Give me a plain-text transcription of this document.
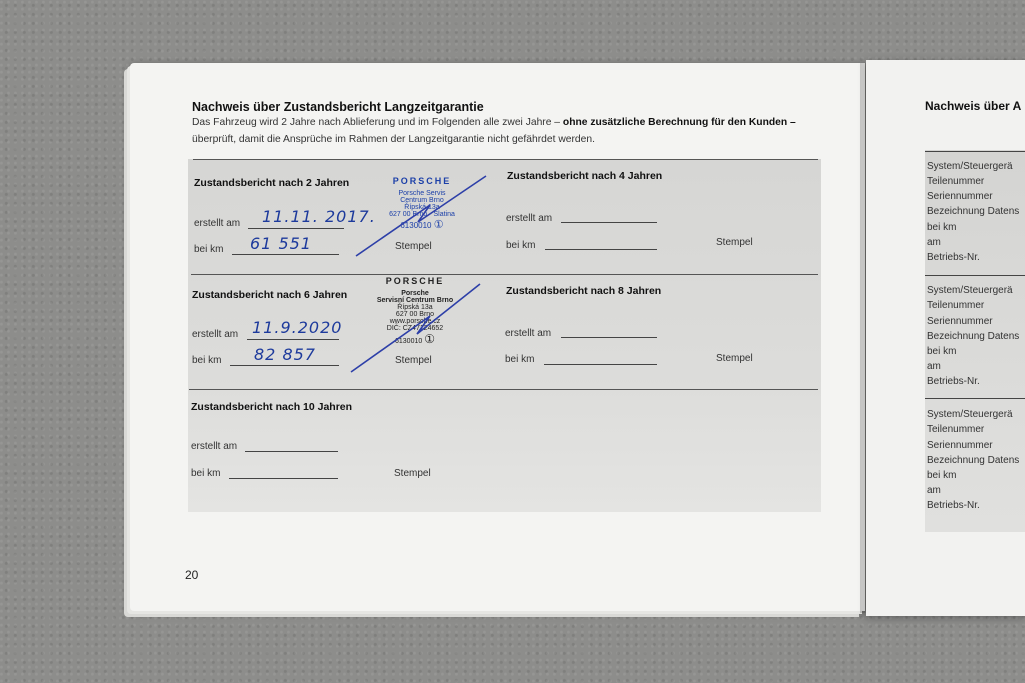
Nachweis über Zustandsbericht Langzeitgarantie
Das Fahrzeug wird 2 Jahre nach Ablieferung und im Folgenden alle zwei Jahre – ohne zusätzliche Berechnung für den Kunden –
überprüft, damit die Ansprüche im Rahmen der Langzeitgarantie nicht gefährdet werden.
Zustandsbericht nach 2 Jahren
erstellt am 11.11. 2017.
bei km 61 551
Zustandsbericht nach 4 Jahren
erstellt am
bei km	Stempel
Zustandsbericht nach 6 Jahren
erstellt am 11.9.2020
bei km 82 857
Zustandsbericht nach 8 Jahren
erstellt am
bei km	Stempel
Zustandsbericht nach 10 Jahren
erstellt am
bei km	Stempel
PORSCHE
Porsche Servis
Centrum Brno
Řípská 13a
627 00 Brno - Slatina
6130010 ①
Stempel
PORSCHE
Porsche
Servisní Centrum Brno
Řípská 13a
627 00 Brno
www.porsche.cz
DIČ: CZ47124652
6130010 ①
Stempel
20
Nachweis über A
System/Steuergerä
Teilenummer
Seriennummer
Bezeichnung Datens
bei km
am
Betriebs-Nr.
System/Steuergerä
Teilenummer
Seriennummer
Bezeichnung Datens
bei km
am
Betriebs-Nr.
System/Steuergerä
Teilenummer
Seriennummer
Bezeichnung Datens
bei km
am
Betriebs-Nr.
